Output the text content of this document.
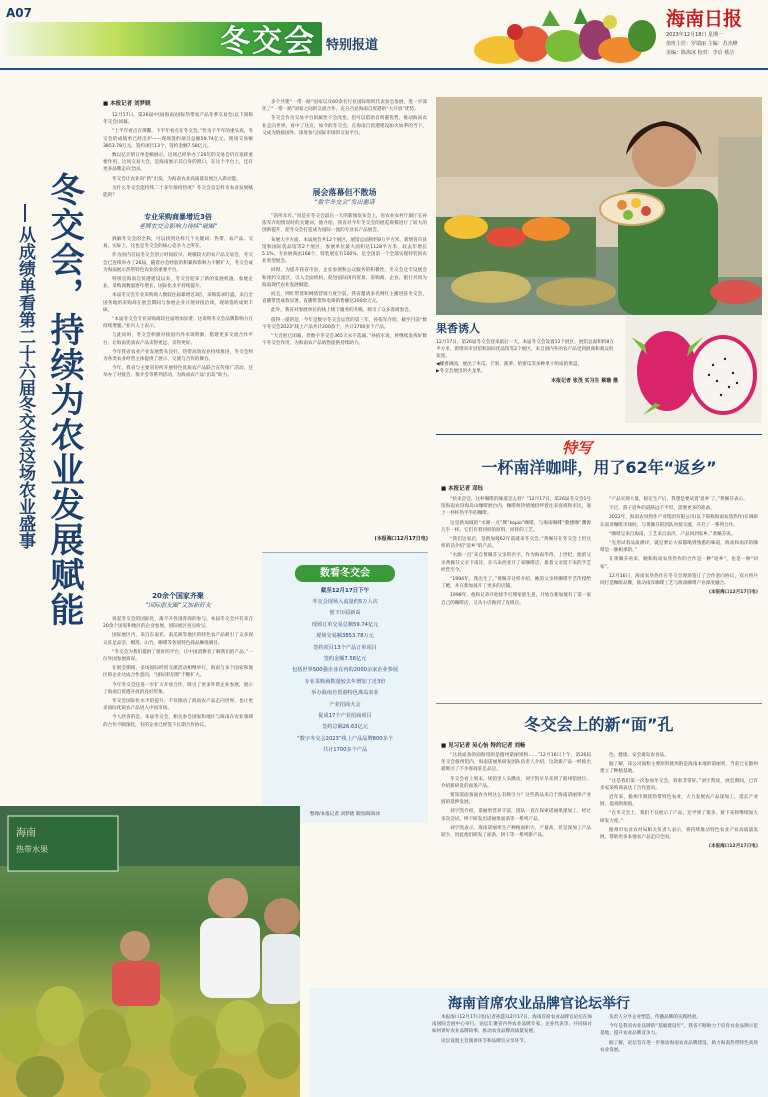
A07
冬交会 特别报道
海南日报
2023年12月18日 星期一
值班主任：罗瑞丽 主编：苏杰峰
美编：陈海冰 校对：李启 蔡洁
冬交会，持续为农业发展赋能
从成绩单看第二十六届冬交会这场农业盛事
■ 本报记者 刘梦晓

12月17日，第26届中国(海南)国际热带农产品冬季交易会(以下简称冬交会)闭幕。

“上半年看点在博鳌，下半年看点在冬交会。”作为下半年的重头戏，冬交会的成绩单已经出炉——现场签约项目总额59.74亿元，现场交易额3853.78万元，签约项目13个，签约金额7.58亿元。

数以亿计的订单金额展示，这场已经举办了26年的交易会仍在发挥重要作用。这场交易大会，是海南展示其自身的窗口，在这个平台上，还有更多品牌走向全国。

冬交会让农业向“新”出发，为海南农业高质量发展注入新动能。

为什么冬交会能持续二十多年保持热度？冬交会是怎样为农业发展赋能的？

专业采购商暴增近3倍
老牌农交会影响力持续“破圈”

拆解冬交会的全称，可以找到这样几个关键词：热带、农产品、交易。实际上，这也是冬交会的核心竞争力之所在。

作为国内首届冬交会创立时间较早、规模较大的农产品交易会，冬交会已连续举办了26届，随着办会经验的积累和影响力不断扩大，冬交会成为海南展示热带特色农业的重要平台。

特别是海南自贸港建设以来，冬交会迎来了新的发展机遇，参展企业、采购商数量逐年增长，国际化水平持续提升。

本届冬交会专业采购商人数较往届暴增近3倍，采购需求旺盛。来自全国各地的采购商在展会期间与参展企业开展对接洽谈，现场签约成果丰硕。

“本届冬交会专业采购商较往届增加显著，这说明冬交会品牌影响力在持续增强。”业内人士表示。

与此同时，冬交会积极对接国内外市场资源，搭建更多交流合作平台，让海南优质农产品卖得更远、卖得更好。

今年我省农业产业发展势头良好，热带高效农业持续推进，冬交会则为各类农业经营主体提供了展示、交流与合作的舞台。

今年，我省与主要省份所开展特色优质农产品联合宣传推广活动，还举办了对接会、推介会等系列活动，为海南农产品“出岛”助力。

20余个国家齐聚
“国际朋友圈”又加新好友

说起冬交会的国际化，离不开各国客商的参与。本届冬交会共有来自20余个国家和地区的企业参展，国际展区亮点纷呈。

国际展区内，来自东南亚、南美洲等地区的特色农产品吸引了众多观众驻足品尝，榴莲、山竹、咖啡等各国特色商品琳琅满目。

“冬交会为我们提供了很好的平台，让中国消费者了解我们的产品。”一位外国参展商说。

在展会期间，多场国际经贸交流活动相继举行，海南与多个国家和地区的企业达成合作意向，“国际朋友圈”不断扩大。

今年冬交会还进一步扩大开放合作，吸引了更多外资企业参展，展示了海南自贸港开放的良好形象。

冬交会国际化水平的提升，不仅推动了海南农产品走向世界，也让更多国际优质农产品进入中国市场。

今人欣喜的是，本届冬交会，相关参会国家和地区与海南在农业领域的合作不断深化，有的企业已经签下长期合作协议。

多个共建“一带一路”国家以及60余名行业国际组织代表参会参展，进一步深化了“一带一路”国家之间的交流合作，充分凸显海南自贸港的“大开放”优势。

冬交会作为交易平台的属性不会改变。但可以借助自贸港优势，推动海南农业走向世界。看中了这点，如今的冬交会，在海南自贸港建设如火如荼的当下，又成为链接国外、深度参与国际市场的交易平台。

展会落幕但不散场
“数字冬交会”发出邀请

“前所未有。”说是在冬交会最后一天的新闻发布会上，省农业农村厅副厅长孙依军介绍情况时的关键词。他介绍，我省对今年冬交会的展览规模进行了较大的创新提升，把冬交会打造成为国际一流的专业农产品展会。

布展大平方面，本届展会共12个展区，展馆总面积约8万平方米，新增省市县馆和国际优品馆等2个展区，参展单位最大面积达1128平方米，较去年增长5.1%。专业展商由168个，特装展室有100%，是全国第一个全部实现特装的农业类型展会。

同时，为提升我省市县、企业参展和公众服务的积极性，冬交会还专设展会和预约交流区，引入全面机构，促进国际国内贸易、采购商、企业、银行共同为海南现代农业发展赋能。

而且，网红带货和网络营销力度空前。我省邀请多名网红主播进驻冬交会，直播带货成效显著。直播带货和电商销售额达200余万元。

此外，我省对参展单位的线上线下服务的升级，吸引了众多客商参会。

值得一提的是，今年是数字冬交会运营的第三年，孙依军介绍，截至目前“数字冬交会2023”线上产品共计200余个，共计1700多个产品。

“大会展已闭幕，但数字冬交会365天永不落幕。”孙依军说，将继续发挥好数字冬交会作用，为海南农产品销售提供持续助力。

(本报海口12月17日电)
数看冬交会
截至12月17日下午
冬交会现场入流量约5万人次
创下历届新高
现场订单交易总额59.74亿元
现场交易额3853.78万元
签约项目13个产品订单项目
签约金额7.58亿元
包括世界500强企业在内的2000余家企业参展
专业采购商数量较去年增加了近3倍
举办海南自贸港特色离岛农业
产业招商大会
促成17个产业招商项目
签约总额26.63亿元
“数字冬交会2023”线上产品品牌800多个
共计1700多个产品
整理/本报记者 刘梦晓 制图/陈海冰
海南
热带水果
果香诱人
12月17日，第26届冬交会迎来最后一天。本届冬交会设置12个展区，展馆总面积约8万平方米，新增省市县馆和国际优品馆等2个展区，来自国内外的农产品受到展商和观众的欢迎。
◀椰香满园，展出了木瓜、芒果、菠萝、哈密瓜等多种果干组成的果盘。
▶冬交会展出的火龙果。
本报记者 张茂 实习生 蔡璇 摄
特写
一杯南洋咖啡，用了62年“返乡”
■ 本报记者 邓钰

“快来尝尝，这杯咖啡的味道怎么样？”12月17日，第26届冬交会1号馆海南农垦海岛山咖啡展台内，咖啡师热情地招呼着往来客商和市民，递上一杯杯热乎乎的咖啡。

这是新加坡的“水源一点”牌“kopio”咖啡，与海南咖啡“歌德咖”渊源几乎一样。它们有着同样的原料，同样的工艺。

“我们这家店，是新加坡62年前就来冬交会。”黄佩芬在冬交会上用这样的话介绍“返乡”的产品。

“水源一点”来自黄佩芬父亲的名字。作为海南华侨，上世纪，他的父亲黄佩芬父亲下南洋，在马来西亚开了家咖啡店，靠着父亲留下来的手艺经营至今。

“1994年，我出生了。”黄佩芬这样介绍，她的父亲将咖啡手艺传授给了她，并在新加坡开了更多的店铺。

1998年，他和兄弟开始接手打理家族生意，开始在新加坡有了第一家自己的咖啡店，又从小店做到了连锁店。

“产品实现大量，稳定生产后，我想是要试着‘返乡’了。”黄佩芬表示。

不过，游子返乡的道路远不平坦，需要更多的准备。

2022年，海南农垦热作产业集团有限公司(以下简称海南农垦热作)在调研东南亚咖啡市场时，与黄佩芬的团队对接交流，开启了一系列合作。

“咖啡豆来自海南，工艺来自南洋，产品回到家乡。”黄佩芬说。

“先用试着品质测评，就是要让大家都喝到熟悉的味道，海南和南洋的咖啡是一脉相承的。”

在黄佩芬看来，她和海南农垦热作的合作是一种“返乡”，也是一种“回家”。

12月16日，海南农垦热作在冬交会现场签订了合作意向协议，双方将共同打造咖啡品牌，推动南洋咖啡工艺与海南咖啡产业深度融合。

(本报海口12月17日电)

冬交会上的新“面”孔
■ 见习记者 吴心怡 特约记者 刘畅

“这款面条的面粉用的是儋州诺丽果粉……”12月16日上午，第26届冬交会儋州馆内，海南诺丽果研发团队负责人介绍，这款新产品一经推出就吸引了不少客商驻足品尝。

冬交会看上周末，场馆里人头攒动，刘宇凯早早来到了儋州馆展位，介绍新研发的面条产品。

要知道面条面食为何这么有吸引力？这些新品来自于海南诺丽果产业链的延伸发展。

刘宇凯介绍，诺丽果营养丰富，团队一直在探索诺丽果深加工，经过多次尝试，终于研发出诺丽果面条等一系列产品。

刘宇凯表示，海南诺丽果生产种植面积大，产量高，但是深加工产品较少，因此他们研发了面条、饼干等一系列新产品。

色、健康、安全离岛农食品。

据了解，该公司面粉主要原料使用的是海南本地的诺丽果，当前已在儋州建立了种植基地。

“这是我们第一次参加冬交会，效果非常好。”刘宇凯说，展会期间，已有多家采购商表达了合作意向。

近年来，儋州市围绕热带特色农业，大力发展农产品深加工，延长产业链，提高附加值。

“在冬交会上，我们不仅展示了产品，还学到了很多，接下来将继续加大研发力度。”

儋州市农业农村局相关负责人表示，将持续推动特色农业产业高质量发展，帮助更多本地农产品走向全国。

(本报海口12月17日电)

海南首席农业品牌官论坛举行

本报海口12月17日电(记者孙慧)12月17日，海南首席农业品牌官论坛在海南国际会展中心举行。论坛汇聚省内外农业品牌专家、企业代表等，共同探讨如何讲好农业品牌故事、推动农业品牌高质量发展。

论坛设置主旨演讲环节和品牌官分享环节。

负责人分享企业塑造、传播品牌的实践经验。

今年是我省农业品牌的“基础建设年”，我省不断助力于培育农业品牌示范基地，提升农业品牌竞争力。

据了解，论坛旨在进一步推动海南农业品牌建设，助力海南热带特色高效农业发展。
